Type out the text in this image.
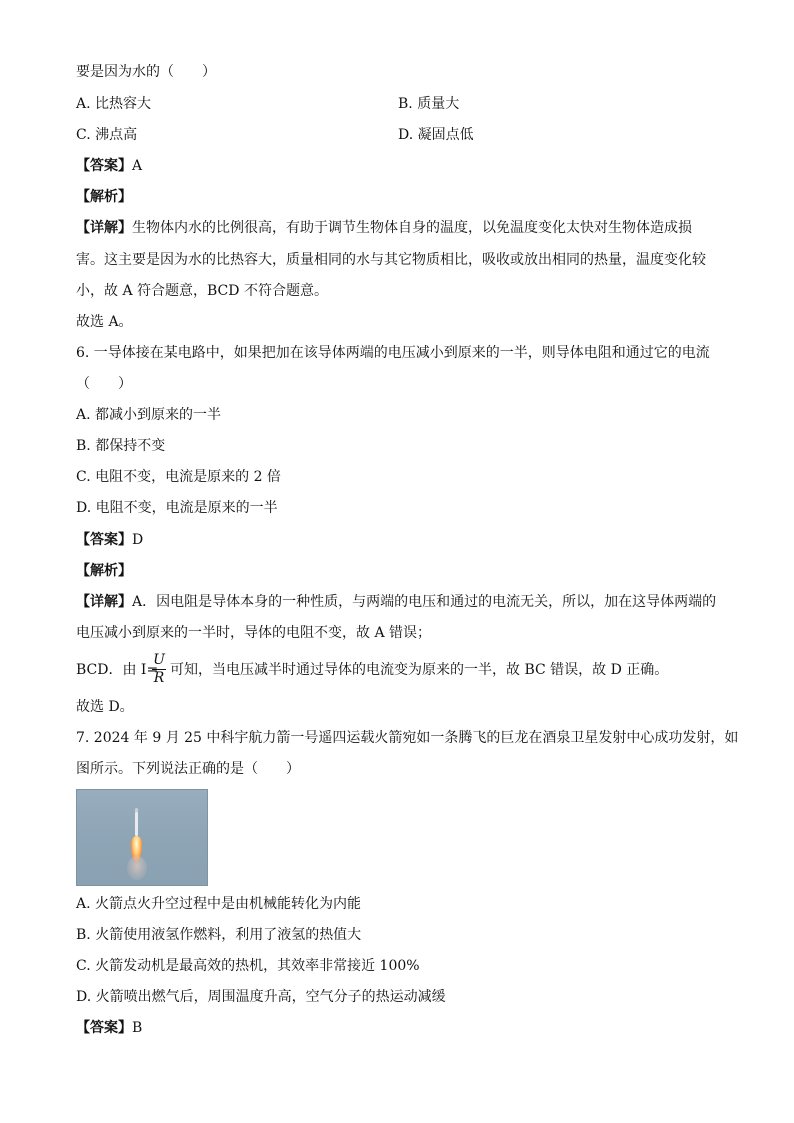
要是因为水的（　　）
A. 比热容大	B. 质量大
C. 沸点高	D. 凝固点低
【答案】A
【解析】
【详解】生物体内水的比例很高，有助于调节生物体自身的温度，以免温度变化太快对生物体造成损
害。这主要是因为水的比热容大，质量相同的水与其它物质相比，吸收或放出相同的热量，温度变化较
小，故 A 符合题意，BCD 不符合题意。
故选 A。
6. 一导体接在某电路中，如果把加在该导体两端的电压减小到原来的一半，则导体电阻和通过它的电流
（　　）
A. 都减小到原来的一半
B. 都保持不变
C. 电阻不变，电流是原来的 2 倍
D. 电阻不变，电流是原来的一半
【答案】D
【解析】
【详解】A．因电阻是导体本身的一种性质，与两端的电压和通过的电流无关，所以，加在这导体两端的
电压减小到原来的一半时，导体的电阻不变，故 A 错误；
BCD．由 I=
U
R 可知，当电压减半时通过导体的电流变为原来的一半，故 BC 错误，故 D 正确。
故选 D。
7. 2024 年 9 月 25 中科宇航力箭一号遥四运载火箭宛如一条腾飞的巨龙在酒泉卫星发射中心成功发射，如
图所示。下列说法正确的是（　　）
A. 火箭点火升空过程中是由机械能转化为内能
B. 火箭使用液氢作燃料，利用了液氢的热值大
C. 火箭发动机是最高效的热机，其效率非常接近 100%
D. 火箭喷出燃气后，周围温度升高，空气分子的热运动减缓
【答案】B
